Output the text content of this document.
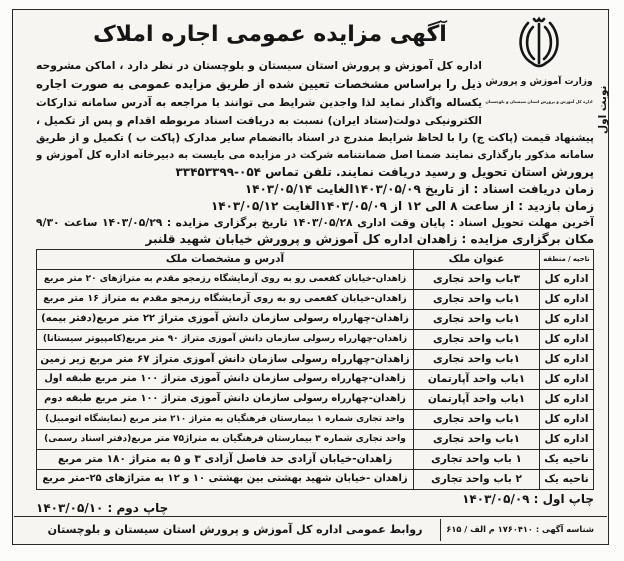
آگهی مزایده عمومی اجاره املاک
وزارت آموزش و پرورش
اداره کل آموزش و پرورش استان سیستان و بلوچستان نوبت اول
اداره کل آموزش و پرورش استان سیستان و بلوچستان در نظر دارد ، اماکن مشروحه
ذیل را براساس مشخصات تعیین شده از طریق مزایده عمومی به صورت اجاره
یکساله واگذار نماید لذا واجدین شرایط می توانند با مراجعه به آدرس سامانه تدارکات
الکترونیکی دولت(ستاد ایران) نسبت به دریافت اسناد مربوطه اقدام و پس از تکمیل ،
پیشنهاد قیمت (پاکت ج) را با لحاظ شرایط مندرج در اسناد باانضمام سایر مدارک (پاکت ب ) تکمیل و از طریق
سامانه مذکور بارگذاری نمایند ضمنا اصل ضمانتنامه شرکت در مزایده می بایست به دبیرخانه اداره کل آموزش و
پرورش استان تحویل و رسید دریافت نمایند. تلفن تماس ۰۵۴-۳۳۴۵۳۳۹۹
زمان دریافت اسناد : از تاریخ ۱۴۰۳/۰۵/۰۹الغایت ۱۴۰۳/۰۵/۱۴
زمان بازدید : از ساعت ۸ الی ۱۲ از ۱۴۰۳/۰۵/۰۹الغایت ۱۴۰۳/۰۵/۱۲
آخرین مهلت تحویل اسناد : پایان وقت اداری ۱۴۰۳/۰۵/۲۸ تاریخ برگزاری مزایده : ۱۴۰۳/۰۵/۲۹ ساعت ۹/۳۰
مکان برگزاری مزایده : زاهدان اداره کل آموزش و پرورش خیابان شهید قلنبر
ناحیه / منطقه
عنوان ملک
آدرس و مشخصات ملک
اداره کل
۳باب واحد تجاری
زاهدان-خیابان کفعمی رو به روی آزمایشگاه رزمجو مقدم به متراژهای ۲۰ متر مربع
اداره کل
۱باب واحد تجاری
زاهدان-خیابان کفعمی رو به روی آزمایشگاه رزمجو مقدم به متراژ ۱۶ متر مربع
اداره کل
۱باب واحد تجاری
زاهدان-چهارراه رسولی سازمان دانش آموزی متراژ ۲۲ متر مربع(دفتر بیمه)
اداره کل
۱باب واحد تجاری
زاهدان-چهارراه رسولی سازمان دانش آموزی متراژ ۹۰ متر مربع(کامپیوتر سیستانا)
اداره کل
۱باب واحد تجاری
زاهدان-چهارراه رسولی سازمان دانش آموزی متراژ ۶۷ متر مربع زیر زمین
اداره کل
۱باب واحد آپارتمان
زاهدان-چهارراه رسولی سازمان دانش آموزی متراژ ۱۰۰ متر مربع طبقه اول
اداره کل
۱باب واحد آپارتمان
زاهدان-چهارراه رسولی سازمان دانش آموزی متراژ ۱۰۰ متر مربع طبقه دوم
اداره کل
۱باب واحد تجاری
واحد تجاری شماره ۱ بیمارستان فرهنگیان به متراژ ۲۱۰ متر مربع (نمایشگاه اتومبیل)
اداره کل
۱باب واحد تجاری
واحد تجاری شماره ۳ بیمارستان فرهنگیان به متراژ۷۵ متر مربع(دفتر اسناد رسمی)
ناحیه یک
۱ باب واحد تجاری
زاهدان-خیابان آزادی حد فاصل آزادی ۳ و ۵ به متراژ ۱۸۰ متر مربع
ناحیه یک
۲ باب واحد تجاری
زاهدان -خیابان شهید بهشتی بین بهشتی ۱۰ و ۱۲ به متراژهای ۲۵-متر مربع
چاپ اول : ۱۴۰۳/۰۵/۰۹
چاپ دوم : ۱۴۰۳/۰۵/۱۰
شناسه آگهی : ۱۷۶۰۴۱۰ م الف / ۶۱۵
روابط عمومی اداره کل آموزش و پرورش استان سیستان و بلوچستان
